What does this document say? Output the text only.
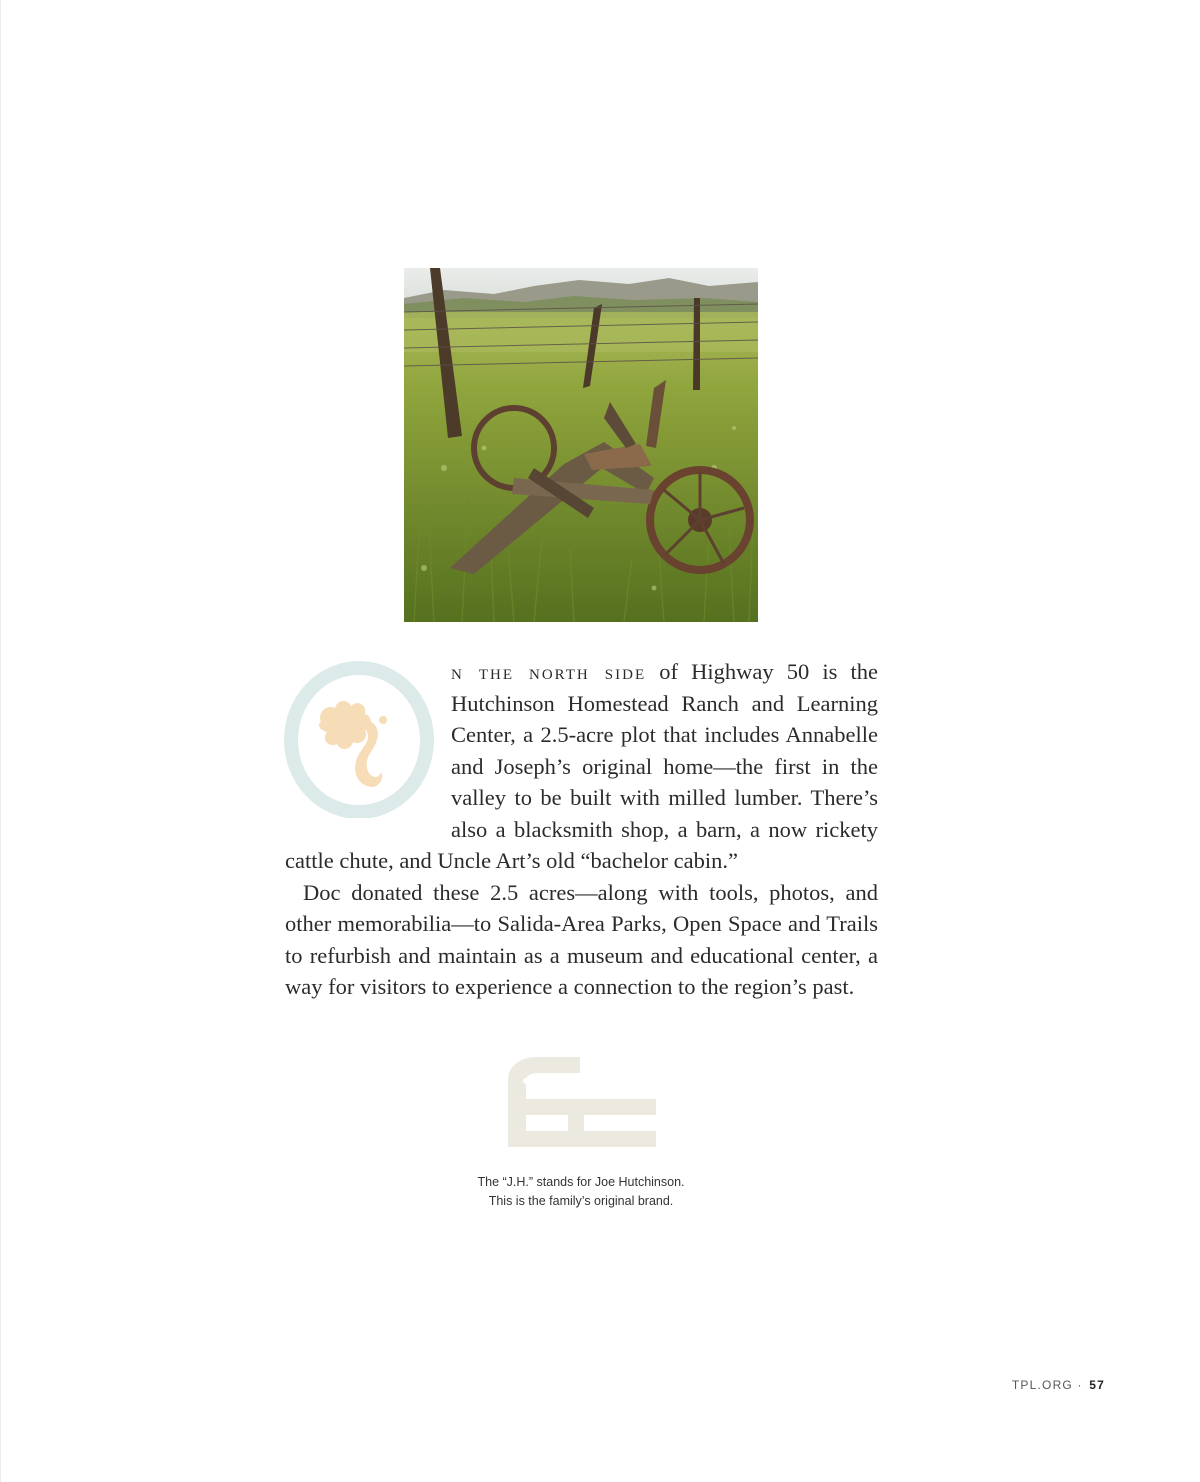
n the north side of Highway 50 is the Hutchinson Homestead Ranch and Learning Center, a 2.5-acre plot that includes Annabelle and Joseph’s original home—the first in the valley to be built with milled lumber. There’s also a blacksmith shop, a barn, a now rickety cattle chute, and Uncle Art’s old “bachelor cabin.”

Doc donated these 2.5 acres—along with tools, photos, and other memorabilia—to Salida-Area Parks, Open Space and Trails to refurbish and maintain as a museum and educational center, a way for visitors to experience a connection to the region’s past.

The “J.H.” stands for Joe Hutchinson. This is the family’s original brand.

TPL.ORG · 57
